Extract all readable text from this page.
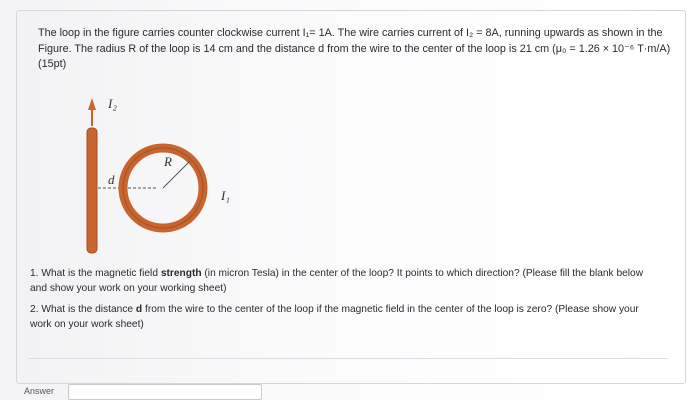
The loop in the figure carries counter clockwise current I₁= 1A. The wire carries current of I₂ = 8A, running upwards as shown in the Figure. The radius R of the loop is 14 cm and the distance d from the wire to the center of the loop is 21 cm (μ₀ = 1.26 × 10⁻⁶ T·m/A) (15pt)

I₂
d
R
I₁

1. What is the magnetic field strength (in micron Tesla) in the center of the loop? It points to which direction? (Please fill the blank below and show your work on your working sheet)

2. What is the distance d from the wire to the center of the loop if the magnetic field in the center of the loop is zero? (Please show your work on your work sheet)

Answer
